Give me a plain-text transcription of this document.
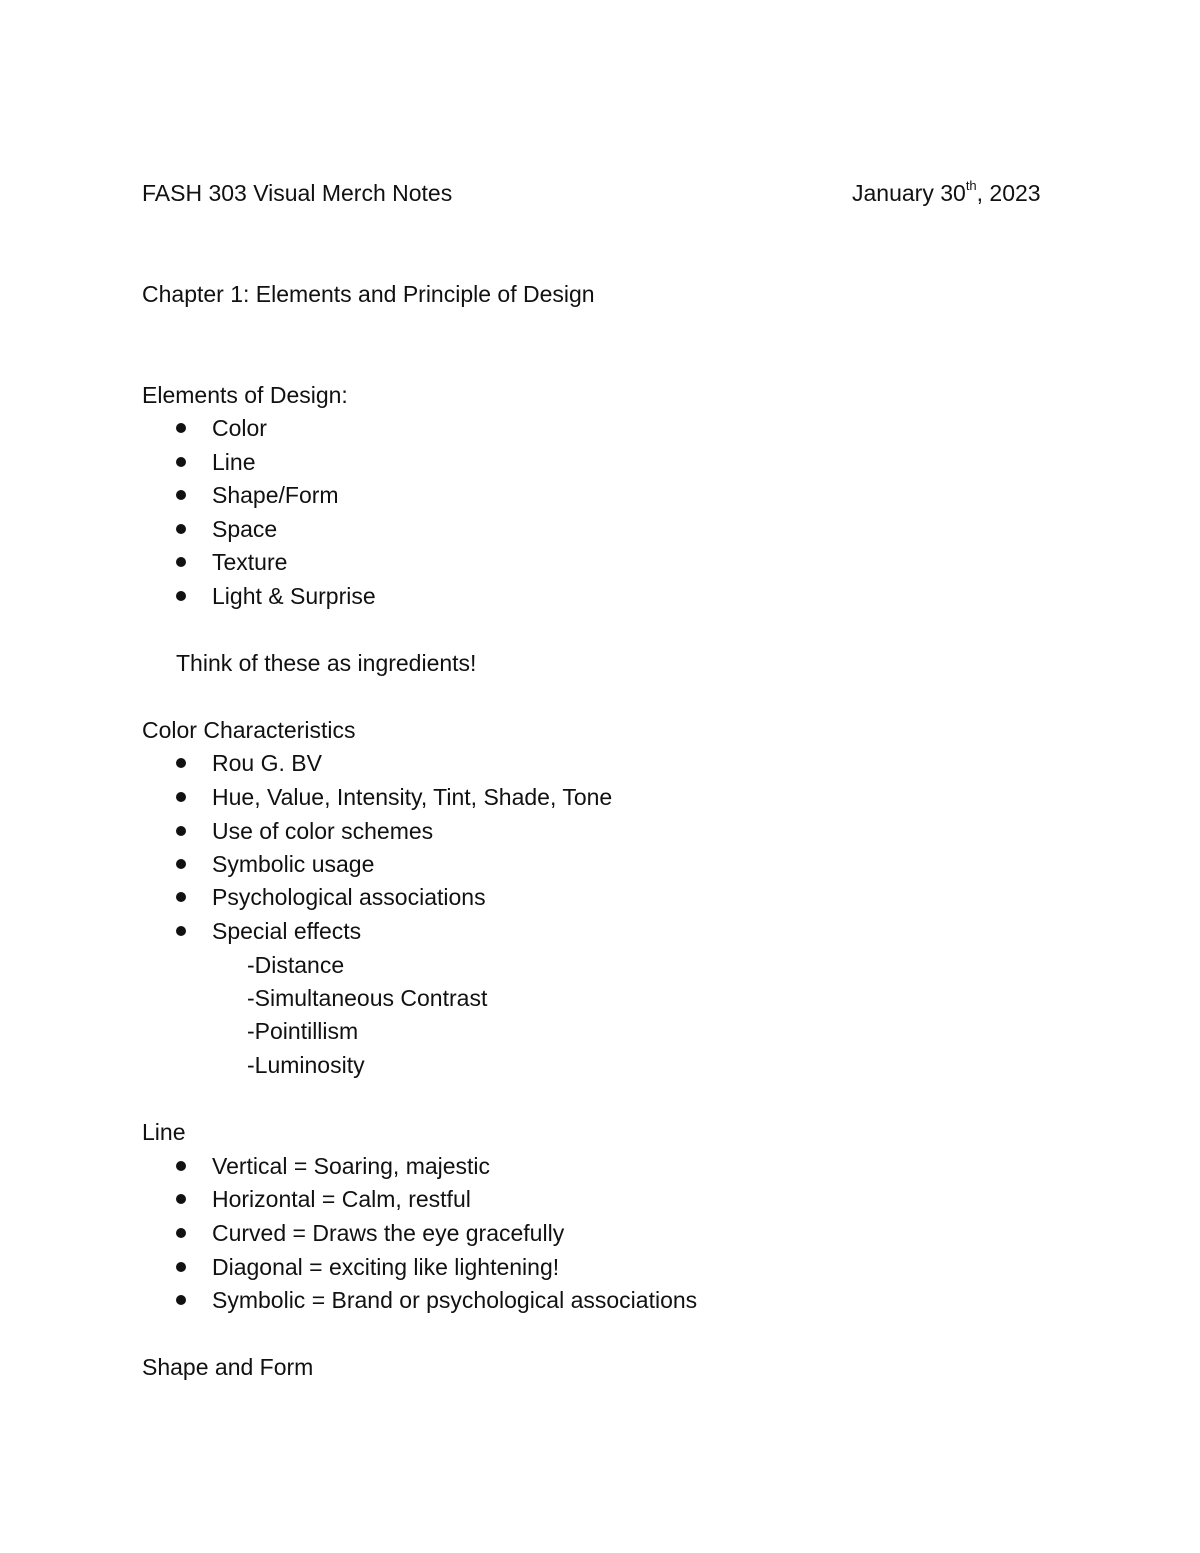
FASH 303 Visual Merch Notes	January 30th, 2023
Chapter 1: Elements and Principle of Design
Elements of Design:
Color
Line
Shape/Form
Space
Texture
Light & Surprise
Think of these as ingredients!
Color Characteristics
Rou G. BV
Hue, Value, Intensity, Tint, Shade, Tone
Use of color schemes
Symbolic usage
Psychological associations
Special effects
-Distance
-Simultaneous Contrast
-Pointillism
-Luminosity
Line
Vertical = Soaring, majestic
Horizontal = Calm, restful
Curved = Draws the eye gracefully
Diagonal = exciting like lightening!
Symbolic = Brand or psychological associations
Shape and Form
